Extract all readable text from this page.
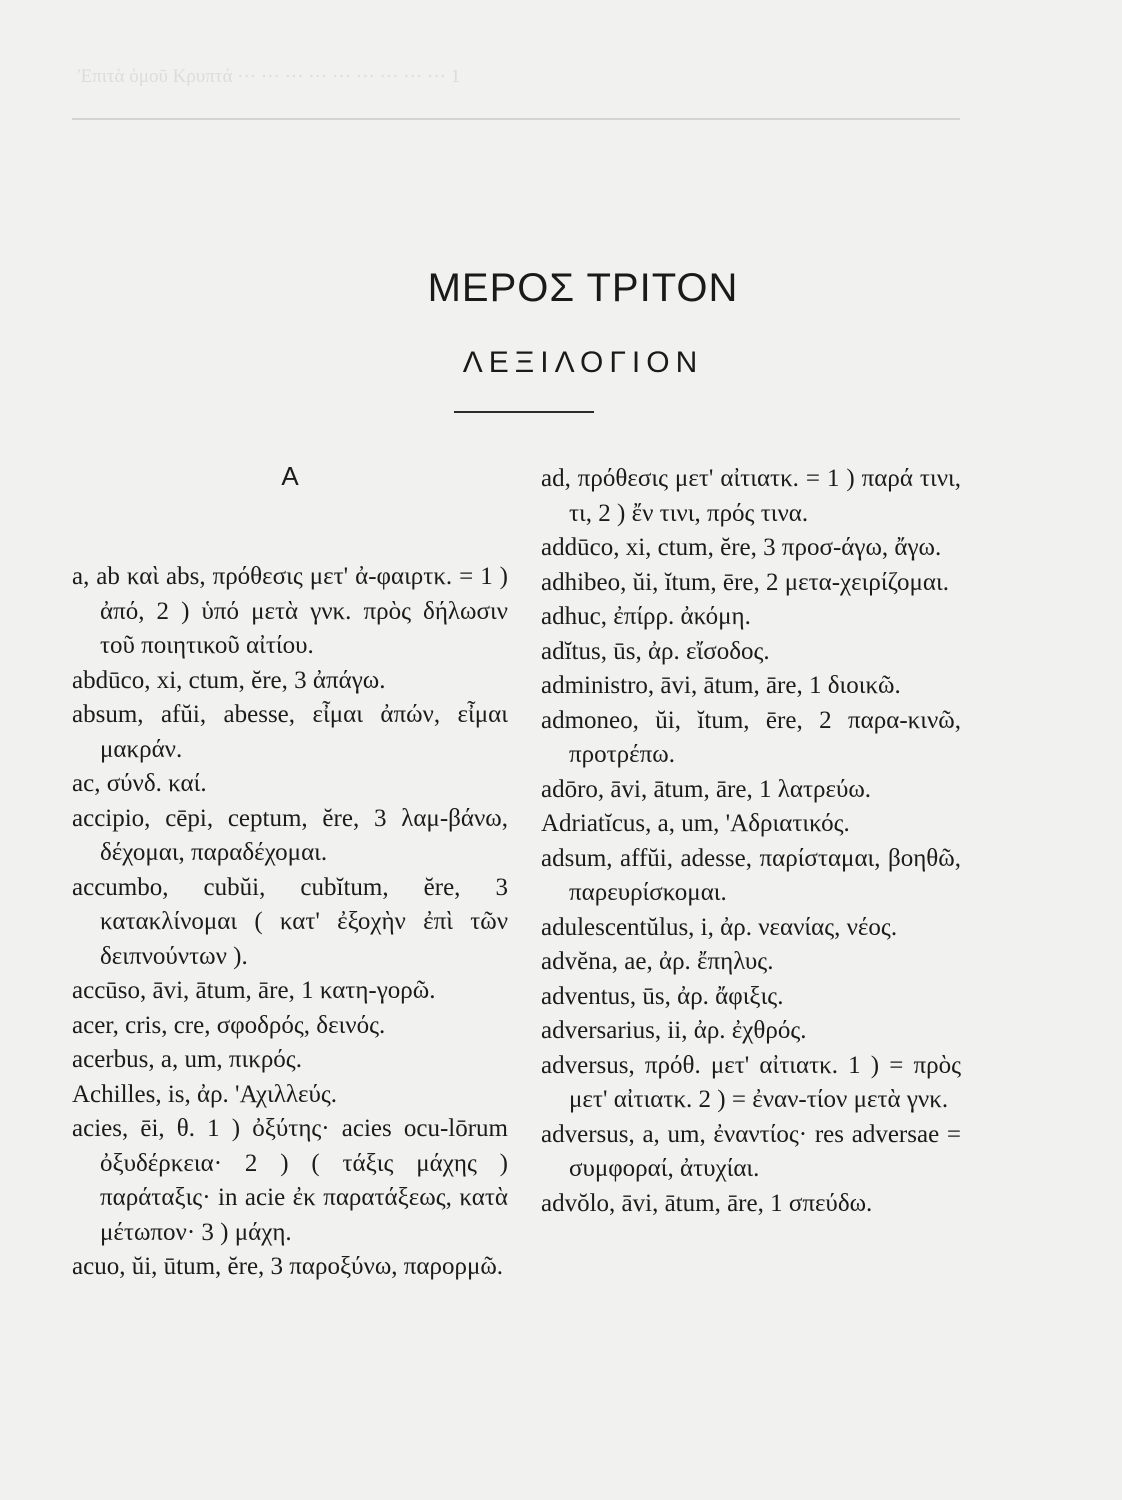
Ἐπιτὰ ὁμοῦ Κρυπτά ··· ··· ··· ··· ··· ··· ··· ··· ··· 1
ΜΕΡΟΣ ΤΡΙΤΟΝ
ΛΕΞΙΛΟΓΙΟΝ
Α

a, ab καὶ abs, πρόθεσις μετ' ἀ-φαιρτκ. = 1 ) ἀπό, 2 ) ὑπό μετὰ γνκ. πρὸς δήλωσιν τοῦ ποιητικοῦ αἰτίου.

abdūco, xi, ctum, ĕre, 3 ἀπάγω.

absum, afŭi, abesse, εἶμαι ἀπών, εἶμαι μακράν.

ac, σύνδ. καί.

accipio, cēpi, ceptum, ĕre, 3 λαμ-βάνω, δέχομαι, παραδέχομαι.

accumbo, cubŭi, cubĭtum, ĕre, 3 κατακλίνομαι ( κατ' ἐξοχὴν ἐπὶ τῶν δειπνούντων ).

accūso, āvi, ātum, āre, 1 κατη-γορῶ.

acer, cris, cre, σφοδρός, δεινός.

acerbus, a, um, πικρός.

Achilles, is, ἀρ. 'Αχιλλεύς.

acies, ēi, θ. 1 ) ὀξύτης· acies ocu-lōrum ὀξυδέρκεια· 2 ) ( τάξις μάχης ) παράταξις· in acie ἐκ παρατάξεως, κατὰ μέτωπον· 3 ) μάχη.

acuo, ŭi, ūtum, ĕre, 3 παροξύνω, παρορμῶ.

ad, πρόθεσις μετ' αἰτιατκ. = 1 ) παρά τινι, τι, 2 ) ἔν τινι, πρός τινα.

addūco, xi, ctum, ĕre, 3 προσ-άγω, ἄγω.

adhibeo, ŭi, ĭtum, ēre, 2 μετα-χειρίζομαι.

adhuc, ἐπίρρ. ἀκόμη.

adĭtus, ūs, ἀρ. εἴσοδος.

administro, āvi, ātum, āre, 1 διοικῶ.

admoneo, ŭi, ĭtum, ēre, 2 παρα-κινῶ, προτρέπω.

adōro, āvi, ātum, āre, 1 λατρεύω.

Adriatĭcus, a, um, 'Αδριατικός.

adsum, affŭi, adesse, παρίσταμαι, βοηθῶ, παρευρίσκομαι.

adulescentŭlus, i, ἀρ. νεανίας, νέος.

advĕna, ae, ἀρ. ἔπηλυς.

adventus, ūs, ἀρ. ἄφιξις.

adversarius, ii, ἀρ. ἐχθρός.

adversus, πρόθ. μετ' αἰτιατκ. 1 ) = πρὸς μετ' αἰτιατκ. 2 ) = ἐναν-τίον μετὰ γνκ.

adversus, a, um, ἐναντίος· res adversae = συμφοραί, ἀτυχίαι.

advŏlo, āvi, ātum, āre, 1 σπεύδω.
